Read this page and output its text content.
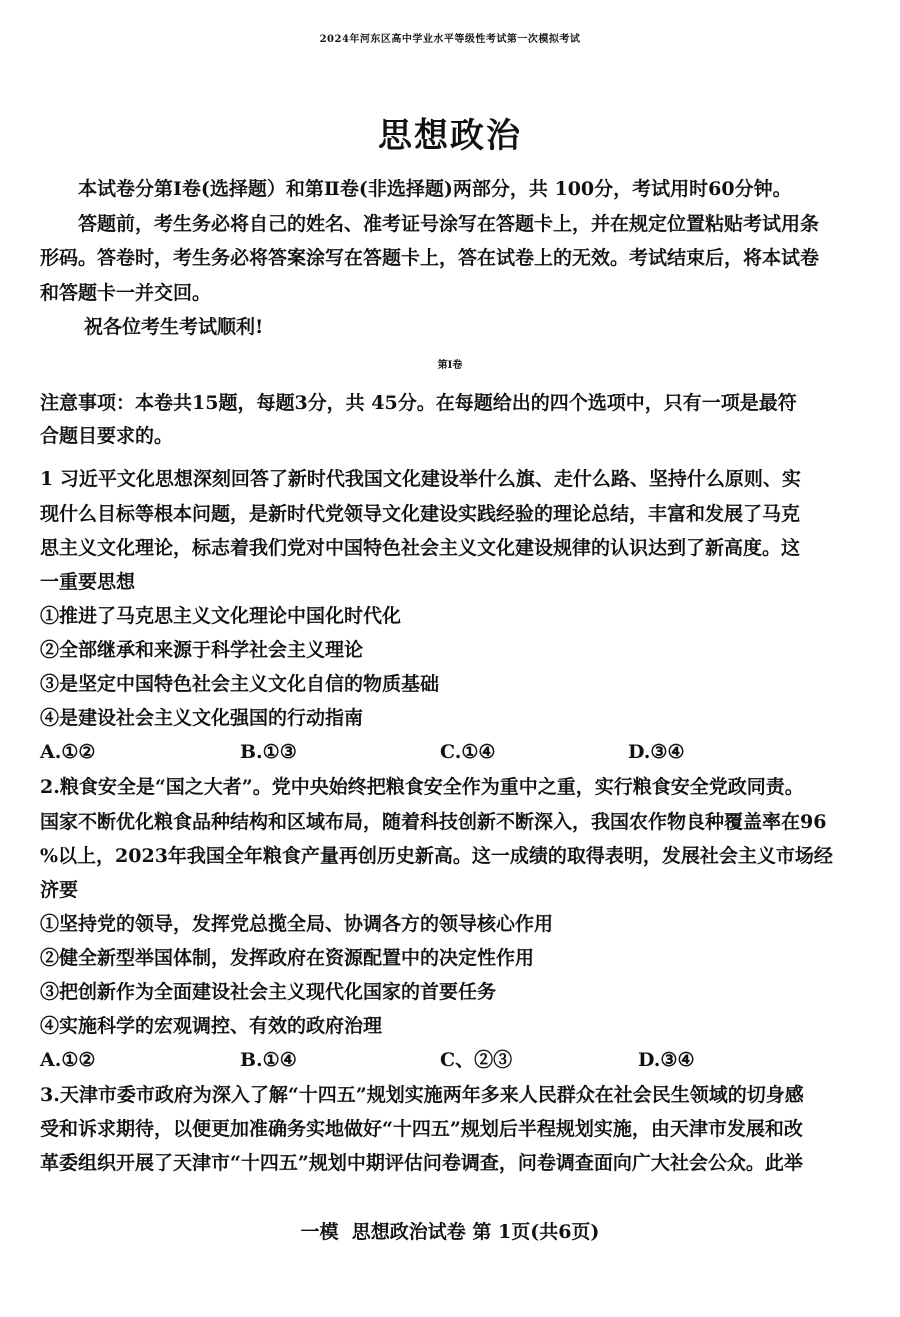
2024年河东区高中学业水平等级性考试第一次模拟考试
思想政治
本试卷分第Ⅰ卷(选择题）和第Ⅱ卷(非选择题)两部分，共 100分，考试用时60分钟。
答题前，考生务必将自己的姓名、准考证号涂写在答题卡上，并在规定位置粘贴考试用条
形码。答卷时，考生务必将答案涂写在答题卡上，答在试卷上的无效。考试结束后，将本试卷
和答题卡一并交回。
祝各位考生考试顺利!
第Ⅰ卷
注意事项：本卷共15题，每题3分，共 45分。在每题给出的四个选项中，只有一项是最符
合题目要求的。
1 习近平文化思想深刻回答了新时代我国文化建设举什么旗、走什么路、坚持什么原则、实
现什么目标等根本问题，是新时代党领导文化建设实践经验的理论总结，丰富和发展了马克
思主义文化理论，标志着我们党对中国特色社会主义文化建设规律的认识达到了新高度。这
一重要思想
①推进了马克思主义文化理论中国化时代化
②全部继承和来源于科学社会主义理论
③是坚定中国特色社会主义文化自信的物质基础
④是建设社会主义文化强国的行动指南
A.①②	B.①③	C.①④	D.③④
2.粮食安全是“国之大者”。党中央始终把粮食安全作为重中之重，实行粮食安全党政同责。
国家不断优化粮食品种结构和区域布局，随着科技创新不断深入，我国农作物良种覆盖率在96
%以上，2023年我国全年粮食产量再创历史新高。这一成绩的取得表明，发展社会主义市场经
济要
①坚持党的领导，发挥党总揽全局、协调各方的领导核心作用
②健全新型举国体制，发挥政府在资源配置中的决定性作用
③把创新作为全面建设社会主义现代化国家的首要任务
④实施科学的宏观调控、有效的政府治理
A.①②	B.①④	C、②③	D.③④
3.天津市委市政府为深入了解“十四五”规划实施两年多来人民群众在社会民生领域的切身感
受和诉求期待，以便更加准确务实地做好“十四五”规划后半程规划实施，由天津市发展和改
革委组织开展了天津市“十四五”规划中期评估问卷调查，问卷调查面向广大社会公众。此举
一模  思想政治试卷 第 1页(共6页)
